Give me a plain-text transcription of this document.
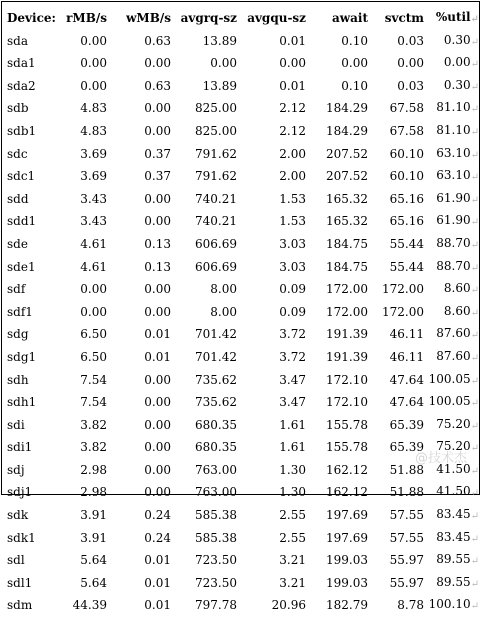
Device:	rMB/s	wMB/s	avgrq-sz	avgqu-sz	await	svctm	%util↵
sda	0.00	0.63	13.89	0.01	0.10	0.03	0.30↵
sda1	0.00	0.00	0.00	0.00	0.00	0.00	0.00↵
sda2	0.00	0.63	13.89	0.01	0.10	0.03	0.30↵
sdb	4.83	0.00	825.00	2.12	184.29	67.58	81.10↵
sdb1	4.83	0.00	825.00	2.12	184.29	67.58	81.10↵
sdc	3.69	0.37	791.62	2.00	207.52	60.10	63.10↵
sdc1	3.69	0.37	791.62	2.00	207.52	60.10	63.10↵
sdd	3.43	0.00	740.21	1.53	165.32	65.16	61.90↵
sdd1	3.43	0.00	740.21	1.53	165.32	65.16	61.90↵
sde	4.61	0.13	606.69	3.03	184.75	55.44	88.70↵
sde1	4.61	0.13	606.69	3.03	184.75	55.44	88.70↵
sdf	0.00	0.00	8.00	0.09	172.00	172.00	8.60↵
sdf1	0.00	0.00	8.00	0.09	172.00	172.00	8.60↵
sdg	6.50	0.01	701.42	3.72	191.39	46.11	87.60↵
sdg1	6.50	0.01	701.42	3.72	191.39	46.11	87.60↵
sdh	7.54	0.00	735.62	3.47	172.10	47.64	100.05↵
sdh1	7.54	0.00	735.62	3.47	172.10	47.64	100.05↵
sdi	3.82	0.00	680.35	1.61	155.78	65.39	75.20↵
sdi1	3.82	0.00	680.35	1.61	155.78	65.39	75.20↵
sdj	2.98	0.00	763.00	1.30	162.12	51.88	41.50↵
sdj1	2.98	0.00	763.00	1.30	162.12	51.88	41.50↵
sdk	3.91	0.24	585.38	2.55	197.69	57.55	83.45↵
sdk1	3.91	0.24	585.38	2.55	197.69	57.55	83.45↵
sdl	5.64	0.01	723.50	3.21	199.03	55.97	89.55↵
sdl1	5.64	0.01	723.50	3.21	199.03	55.97	89.55↵
sdm	44.39	0.01	797.78	20.96	182.79	8.78	100.10↵
@技术杰
